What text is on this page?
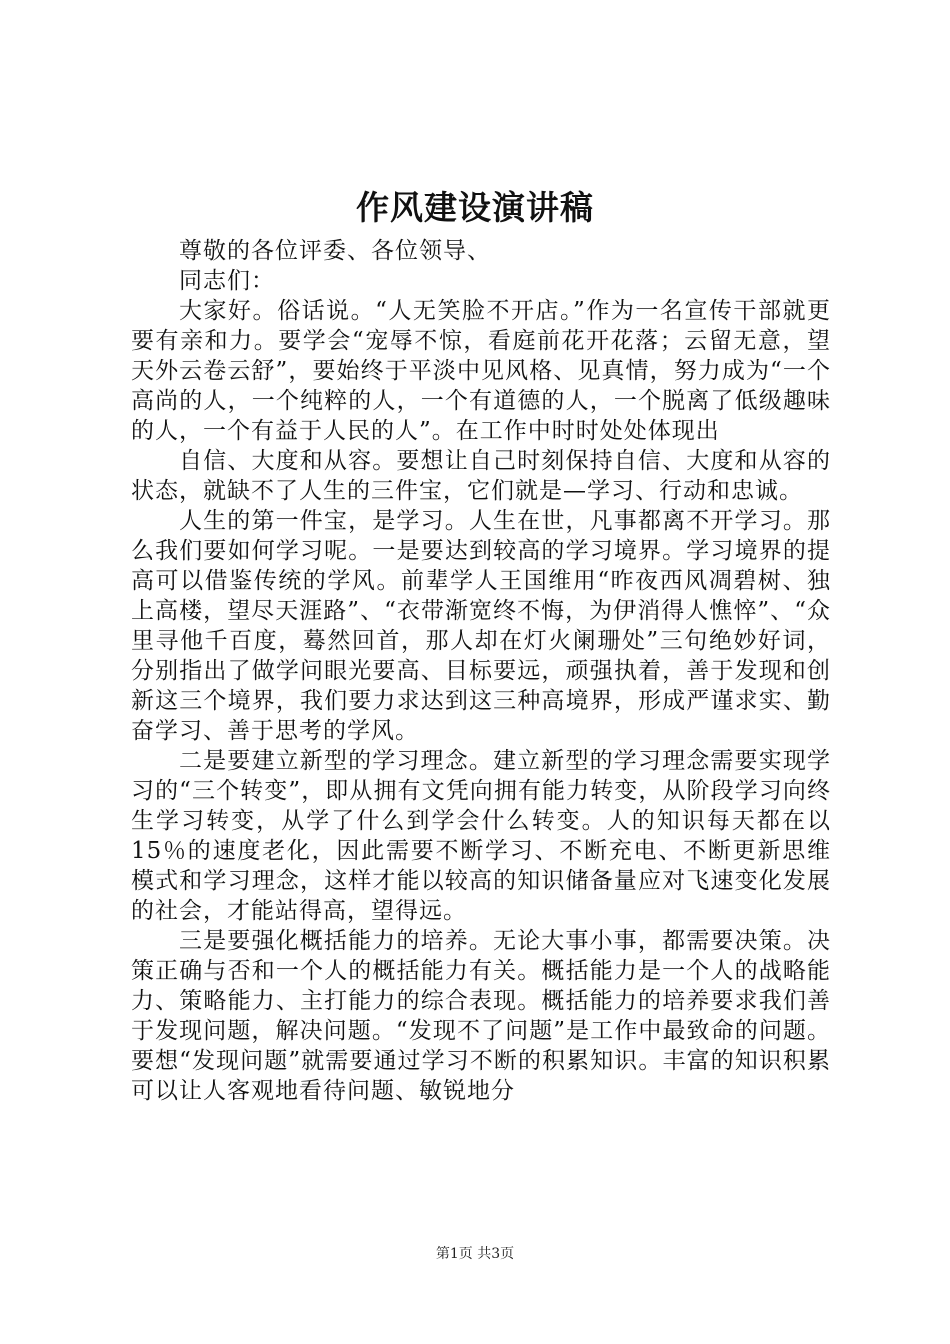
作风建设演讲稿

尊敬的各位评委、各位领导、

同志们：

大家好。俗话说。“人无笑脸不开店。”作为一名宣传干部就更要有亲和力。要学会“宠辱不惊，看庭前花开花落；云留无意，望天外云卷云舒”，要始终于平淡中见风格、见真情，努力成为“一个高尚的人，一个纯粹的人，一个有道德的人，一个脱离了低级趣味的人，一个有益于人民的人”。在工作中时时处处体现出

自信、大度和从容。要想让自己时刻保持自信、大度和从容的状态，就缺不了人生的三件宝，它们就是—学习、行动和忠诚。

人生的第一件宝，是学习。人生在世，凡事都离不开学习。那么我们要如何学习呢。一是要达到较高的学习境界。学习境界的提高可以借鉴传统的学风。前辈学人王国维用“昨夜西风凋碧树、独上高楼，望尽天涯路”、“衣带渐宽终不悔，为伊消得人憔悴”、“众里寻他千百度，蓦然回首，那人却在灯火阑珊处”三句绝妙好词，分别指出了做学问眼光要高、目标要远，顽强执着，善于发现和创新这三个境界，我们要力求达到这三种高境界，形成严谨求实、勤奋学习、善于思考的学风。

二是要建立新型的学习理念。建立新型的学习理念需要实现学习的“三个转变”，即从拥有文凭向拥有能力转变，从阶段学习向终生学习转变，从学了什么到学会什么转变。人的知识每天都在以15％的速度老化，因此需要不断学习、不断充电、不断更新思维模式和学习理念，这样才能以较高的知识储备量应对飞速变化发展的社会，才能站得高，望得远。

三是要强化概括能力的培养。无论大事小事，都需要决策。决策正确与否和一个人的概括能力有关。概括能力是一个人的战略能力、策略能力、主打能力的综合表现。概括能力的培养要求我们善于发现问题，解决问题。“发现不了问题”是工作中最致命的问题。要想“发现问题”就需要通过学习不断的积累知识。丰富的知识积累可以让人客观地看待问题、敏锐地分

第1页 共3页
